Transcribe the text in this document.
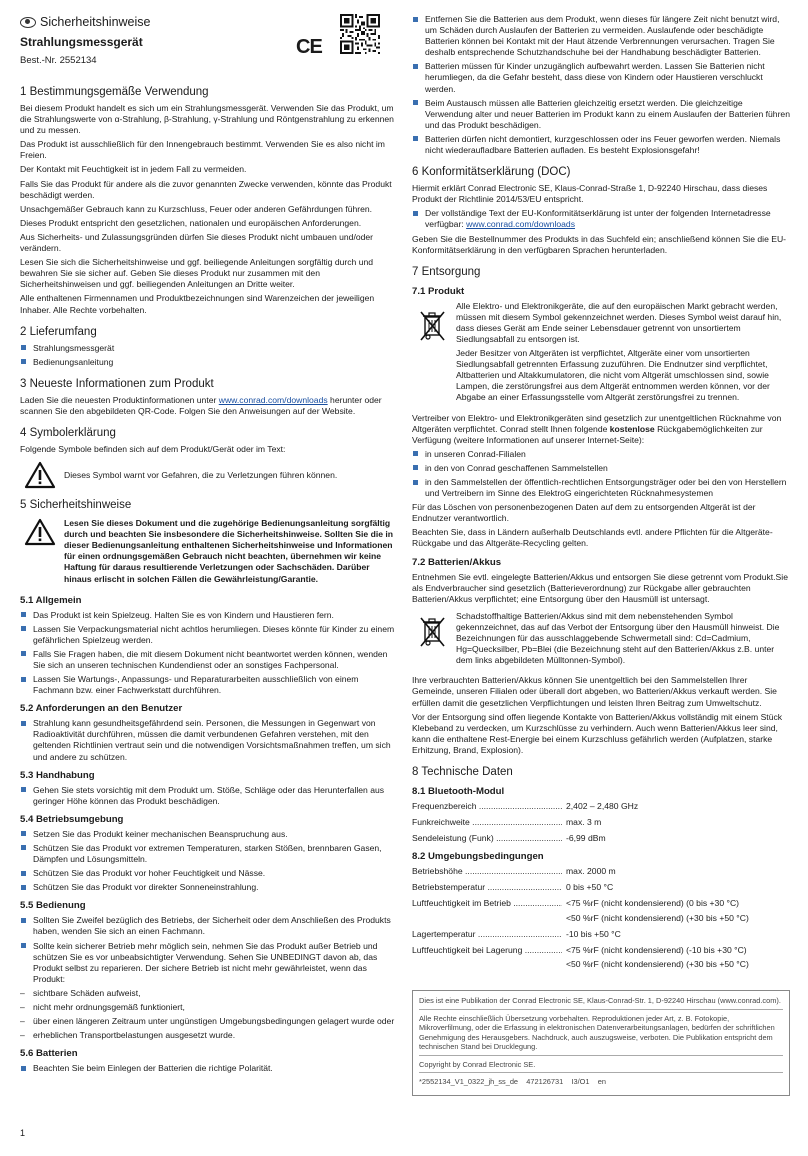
Sicherheitshinweise
Strahlungsmessgerät
Best.-Nr. 2552134
CE
1 Bestimmungsgemäße Verwendung

Bei diesem Produkt handelt es sich um ein Strahlungsmessgerät. Verwenden Sie das Produkt, um die Strahlungswerte von α-Strahlung, β-Strahlung, γ-Strahlung und Röntgenstrahlung zu erkennen und zu messen.

Das Produkt ist ausschließlich für den Innengebrauch bestimmt. Verwenden Sie es also nicht im Freien.

Der Kontakt mit Feuchtigkeit ist in jedem Fall zu vermeiden.

Falls Sie das Produkt für andere als die zuvor genannten Zwecke verwenden, könnte das Produkt beschädigt werden.

Unsachgemäßer Gebrauch kann zu Kurzschluss, Feuer oder anderen Gefährdungen führen.

Dieses Produkt entspricht den gesetzlichen, nationalen und europäischen Anforderungen.

Aus Sicherheits- und Zulassungsgründen dürfen Sie dieses Produkt nicht umbauen und/oder verändern.

Lesen Sie sich die Sicherheitshinweise und ggf. beiliegende Anleitungen sorgfältig durch und bewahren Sie sie sicher auf. Geben Sie dieses Produkt nur zusammen mit den Sicherheitshinweisen und ggf. beiliegenden Anleitungen an Dritte weiter.

Alle enthaltenen Firmennamen und Produktbezeichnungen sind Warenzeichen der jeweiligen Inhaber. Alle Rechte vorbehalten.

2 Lieferumfang
Strahlungsmessgerät
Bedienungsanleitung
3 Neueste Informationen zum Produkt

Laden Sie die neuesten Produktinformationen unter www.conrad.com/downloads herunter oder scannen Sie den abgebildeten QR-Code. Folgen Sie den Anweisungen auf der Website.

4 Symbolerklärung

Folgende Symbole befinden sich auf dem Produkt/Gerät oder im Text:

Dieses Symbol warnt vor Gefahren, die zu Verletzungen führen können.

5 Sicherheitshinweise

Lesen Sie dieses Dokument und die zugehörige Bedienungsanleitung sorgfältig durch und beachten Sie insbesondere die Sicherheitshinweise. Sollten Sie die in dieser Bedienungsanleitung enthaltenen Sicherheitshinweise und Informationen für einen ordnungsgemäßen Gebrauch nicht beachten, übernehmen wir keine Haftung für daraus resultierende Verletzungen oder Sachschäden. Darüber hinaus erlischt in solchen Fällen die Gewährleistung/Garantie.

5.1 Allgemein
Das Produkt ist kein Spielzeug. Halten Sie es von Kindern und Haustieren fern.
Lassen Sie Verpackungsmaterial nicht achtlos herumliegen. Dieses könnte für Kinder zu einem gefährlichen Spielzeug werden.
Falls Sie Fragen haben, die mit diesem Dokument nicht beantwortet werden können, wenden Sie sich an unseren technischen Kundendienst oder an sonstiges Fachpersonal.
Lassen Sie Wartungs-, Anpassungs- und Reparaturarbeiten ausschließlich von einem Fachmann bzw. einer Fachwerkstatt durchführen.
5.2 Anforderungen an den Benutzer
Strahlung kann gesundheitsgefährdend sein. Personen, die Messungen in Gegenwart von Radioaktivität durchführen, müssen die damit verbundenen Gefahren verstehen, mit den geltenden Richtlinien vertraut sein und die notwendigen Vorsichtsmaßnahmen treffen, um sich und andere zu schützen.
5.3 Handhabung
Gehen Sie stets vorsichtig mit dem Produkt um. Stöße, Schläge oder das Herunterfallen aus geringer Höhe können das Produkt beschädigen.
5.4 Betriebsumgebung
Setzen Sie das Produkt keiner mechanischen Beanspruchung aus.
Schützen Sie das Produkt vor extremen Temperaturen, starken Stößen, brennbaren Gasen, Dämpfen und Lösungsmitteln.
Schützen Sie das Produkt vor hoher Feuchtigkeit und Nässe.
Schützen Sie das Produkt vor direkter Sonneneinstrahlung.
5.5 Bedienung
Sollten Sie Zweifel bezüglich des Betriebs, der Sicherheit oder dem Anschließen des Produkts haben, wenden Sie sich an einen Fachmann.
Sollte kein sicherer Betrieb mehr möglich sein, nehmen Sie das Produkt außer Betrieb und schützen Sie es vor unbeabsichtigter Verwendung. Sehen Sie UNBEDINGT davon ab, das Produkt selbst zu reparieren. Der sichere Betrieb ist nicht mehr gewährleistet, wenn das Produkt:
– sichtbare Schäden aufweist,
– nicht mehr ordnungsgemäß funktioniert,
– über einen längeren Zeitraum unter ungünstigen Umgebungsbedingungen gelagert wurde oder
– erheblichen Transportbelastungen ausgesetzt wurde.
5.6 Batterien
Beachten Sie beim Einlegen der Batterien die richtige Polarität.
Entfernen Sie die Batterien aus dem Produkt, wenn dieses für längere Zeit nicht benutzt wird, um Schäden durch Auslaufen der Batterien zu vermeiden. Auslaufende oder beschädigte Batterien können bei Kontakt mit der Haut ätzende Verbrennungen verursachen. Tragen Sie deshalb entsprechende Schutzhandschuhe bei der Handhabung beschädigter Batterien.
Batterien müssen für Kinder unzugänglich aufbewahrt werden. Lassen Sie Batterien nicht herumliegen, da die Gefahr besteht, dass diese von Kindern oder Haustieren verschluckt werden.
Beim Austausch müssen alle Batterien gleichzeitig ersetzt werden. Die gleichzeitige Verwendung alter und neuer Batterien im Produkt kann zu einem Auslaufen der Batterien führen und das Produkt beschädigen.
Batterien dürfen nicht demontiert, kurzgeschlossen oder ins Feuer geworfen werden. Niemals nicht wiederaufladbare Batterien aufladen. Es besteht Explosionsgefahr!
6 Konformitätserklärung (DOC)

Hiermit erklärt Conrad Electronic SE, Klaus-Conrad-Straße 1, D-92240 Hirschau, dass dieses Produkt der Richtlinie 2014/53/EU entspricht.

Der vollständige Text der EU-Konformitätserklärung ist unter der folgenden Internetadresse verfügbar: www.conrad.com/downloads

Geben Sie die Bestellnummer des Produkts in das Suchfeld ein; anschließend können Sie die EU-Konformitätserklärung in den verfügbaren Sprachen herunterladen.

7 Entsorgung
7.1 Produkt

Alle Elektro- und Elektronikgeräte, die auf den europäischen Markt gebracht werden, müssen mit diesem Symbol gekennzeichnet werden. Dieses Symbol weist darauf hin, dass dieses Gerät am Ende seiner Lebensdauer getrennt von unsortiertem Siedlungsabfall zu entsorgen ist.

Jeder Besitzer von Altgeräten ist verpflichtet, Altgeräte einer vom unsortierten Siedlungsabfall getrennten Erfassung zuzuführen. Die Endnutzer sind verpflichtet, Altbatterien und Altakkumulatoren, die nicht vom Altgerät umschlossen sind, sowie Lampen, die zerstörungsfrei aus dem Altgerät entnommen werden können, vor der Abgabe an einer Erfassungsstelle vom Altgerät zerstörungsfrei zu trennen.

Vertreiber von Elektro- und Elektronikgeräten sind gesetzlich zur unentgeltlichen Rücknahme von Altgeräten verpflichtet. Conrad stellt Ihnen folgende kostenlose Rückgabemöglichkeiten zur Verfügung (weitere Informationen auf unserer Internet-Seite):

in unseren Conrad-Filialen
in den von Conrad geschaffenen Sammelstellen
in den Sammelstellen der öffentlich-rechtlichen Entsorgungsträger oder bei den von Herstellern und Vertreibern im Sinne des ElektroG eingerichteten Rücknahmesystemen

Für das Löschen von personenbezogenen Daten auf dem zu entsorgenden Altgerät ist der Endnutzer verantwortlich.

Beachten Sie, dass in Ländern außerhalb Deutschlands evtl. andere Pflichten für die Altgeräte-Rückgabe und das Altgeräte-Recycling gelten.

7.2 Batterien/Akkus

Entnehmen Sie evtl. eingelegte Batterien/Akkus und entsorgen Sie diese getrennt vom Produkt.Sie als Endverbraucher sind gesetzlich (Batterieverordnung) zur Rückgabe aller gebrauchten Batterien/Akkus verpflichtet; eine Entsorgung über den Hausmüll ist untersagt.

Schadstoffhaltige Batterien/Akkus sind mit dem nebenstehenden Symbol gekennzeichnet, das auf das Verbot der Entsorgung über den Hausmüll hinweist. Die Bezeichnungen für das ausschlaggebende Schwermetall sind: Cd=Cadmium, Hg=Quecksilber, Pb=Blei (die Bezeichnung steht auf den Batterien/Akkus z.B. unter dem links abgebildeten Mülltonnen-Symbol).

Ihre verbrauchten Batterien/Akkus können Sie unentgeltlich bei den Sammelstellen Ihrer Gemeinde, unseren Filialen oder überall dort abgeben, wo Batterien/Akkus verkauft werden. Sie erfüllen damit die gesetzlichen Verpflichtungen und leisten Ihren Beitrag zum Umweltschutz.

Vor der Entsorgung sind offen liegende Kontakte von Batterien/Akkus vollständig mit einem Stück Klebeband zu verdecken, um Kurzschlüsse zu verhindern. Auch wenn Batterien/Akkus leer sind, kann die enthaltene Rest-Energie bei einem Kurzschluss gefährlich werden (Aufplatzen, starke Erhitzung, Brand, Explosion).

8 Technische Daten
8.1 Bluetooth-Modul
Frequenzbereich .....	2,402 – 2,480 GHz
Funkreichweite .....	max. 3 m
Sendeleistung (Funk) .....	-6,99 dBm
8.2 Umgebungsbedingungen
Betriebshöhe .....	max. 2000 m
Betriebstemperatur .....	0 bis +50 °C
Luftfeuchtigkeit im Betrieb .....	<75 %rF (nicht kondensierend) (0 bis +30 °C)
<50 %rF (nicht kondensierend) (+30 bis +50 °C)
Lagertemperatur .....	-10 bis +50 °C
Luftfeuchtigkeit bei Lagerung .....	<75 %rF (nicht kondensierend) (-10 bis +30 °C)
<50 %rF (nicht kondensierend) (+30 bis +50 °C)

Dies ist eine Publikation der Conrad Electronic SE, Klaus-Conrad-Str. 1, D-92240 Hirschau (www.conrad.com).

Alle Rechte einschließlich Übersetzung vorbehalten. Reproduktionen jeder Art, z. B. Fotokopie, Mikroverfilmung, oder die Erfassung in elektronischen Datenverarbeitungsanlagen, bedürfen der schriftlichen Genehmigung des Herausgebers. Nachdruck, auch auszugsweise, verboten. Die Publikation entspricht dem technischen Stand bei Drucklegung.

Copyright by Conrad Electronic SE.

*2552134_V1_0322_jh_ss_de    472126731    I3/O1    en

1
